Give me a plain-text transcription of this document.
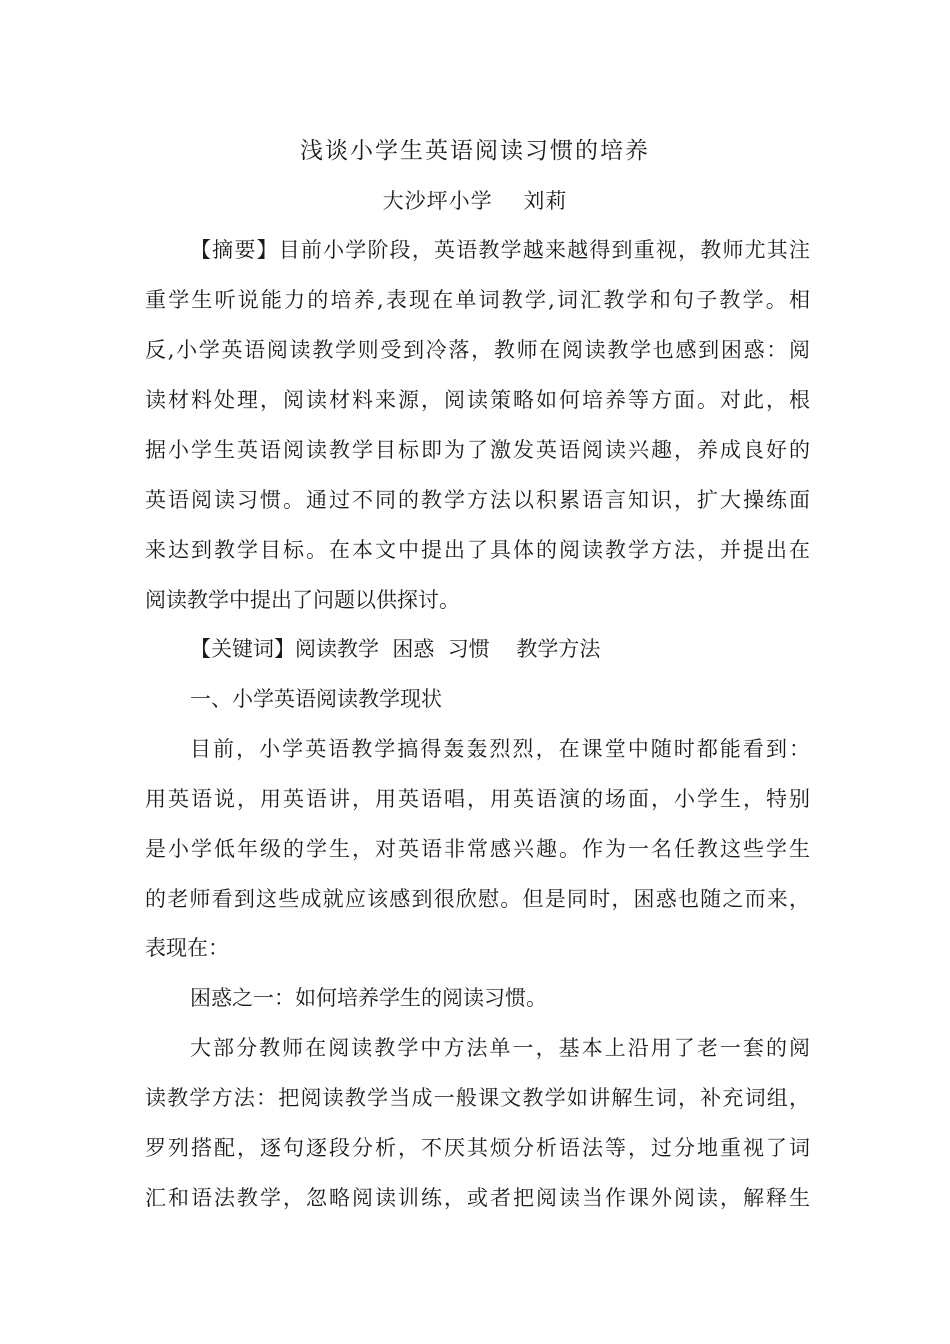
浅谈小学生英语阅读习惯的培养
大沙坪小学    刘莉
【摘要】目前小学阶段，英语教学越来越得到重视，教师尤其注
重学生听说能力的培养,表现在单词教学,词汇教学和句子教学。相
反,小学英语阅读教学则受到冷落，教师在阅读教学也感到困惑：阅
读材料处理，阅读材料来源，阅读策略如何培养等方面。对此，根
据小学生英语阅读教学目标即为了激发英语阅读兴趣，养成良好的
英语阅读习惯。通过不同的教学方法以积累语言知识，扩大操练面
来达到教学目标。在本文中提出了具体的阅读教学方法，并提出在
阅读教学中提出了问题以供探讨。
【关键词】阅读教学  困惑  习惯    教学方法
一、小学英语阅读教学现状
目前，小学英语教学搞得轰轰烈烈，在课堂中随时都能看到：
用英语说，用英语讲，用英语唱，用英语演的场面，小学生，特别
是小学低年级的学生，对英语非常感兴趣。作为一名任教这些学生
的老师看到这些成就应该感到很欣慰。但是同时，困惑也随之而来，
表现在：
困惑之一：如何培养学生的阅读习惯。
大部分教师在阅读教学中方法单一，基本上沿用了老一套的阅
读教学方法：把阅读教学当成一般课文教学如讲解生词，补充词组，
罗列搭配，逐句逐段分析，不厌其烦分析语法等，过分地重视了词
汇和语法教学，忽略阅读训练，或者把阅读当作课外阅读，解释生
